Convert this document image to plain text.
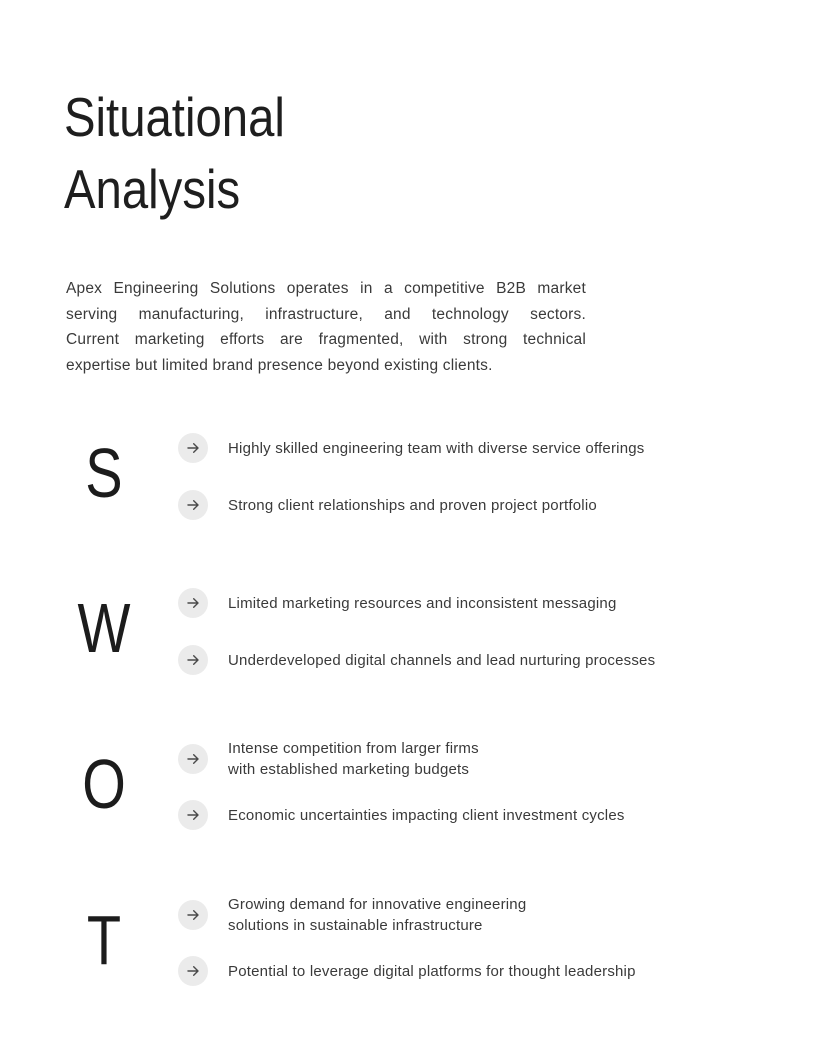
Situational
Analysis

Apex Engineering Solutions operates in a competitive B2B market
serving manufacturing, infrastructure, and technology sectors.
Current marketing efforts are fragmented, with strong technical
expertise but limited brand presence beyond existing clients.

S	Highly skilled engineering team with diverse service offerings
Strong client relationships and proven project portfolio
W	Limited marketing resources and inconsistent messaging
Underdeveloped digital channels and lead nurturing processes
O	Intense competition from larger firms
with established marketing budgets
Economic uncertainties impacting client investment cycles
T	Growing demand for innovative engineering
solutions in sustainable infrastructure
Potential to leverage digital platforms for thought leadership
